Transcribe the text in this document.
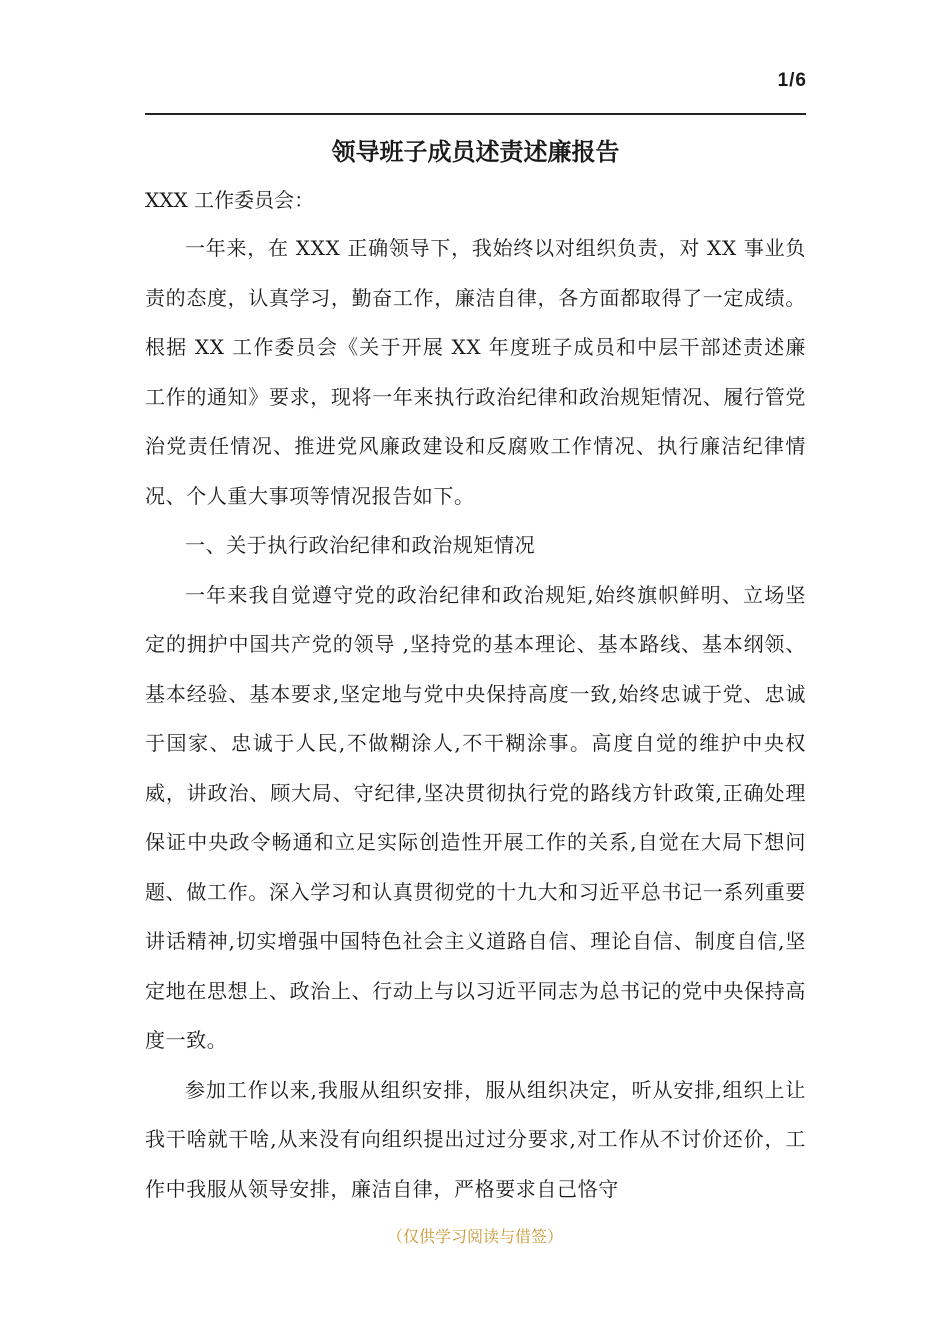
1/6
领导班子成员述责述廉报告

XXX 工作委员会：

一年来，在 XXX 正确领导下，我始终以对组织负责，对 XX 事业负责的态度，认真学习，勤奋工作，廉洁自律，各方面都取得了一定成绩。根据 XX 工作委员会《关于开展 XX 年度班子成员和中层干部述责述廉工作的通知》要求，现将一年来执行政治纪律和政治规矩情况、履行管党治党责任情况、推进党风廉政建设和反腐败工作情况、执行廉洁纪律情况、个人重大事项等情况报告如下。

一、关于执行政治纪律和政治规矩情况

一年来我自觉遵守党的政治纪律和政治规矩,始终旗帜鲜明、立场坚定的拥护中国共产党的领导 ,坚持党的基本理论、基本路线、基本纲领、基本经验、基本要求,坚定地与党中央保持高度一致,始终忠诚于党、忠诚于国家、忠诚于人民,不做糊涂人,不干糊涂事。高度自觉的维护中央权威，讲政治、顾大局、守纪律,坚决贯彻执行党的路线方针政策,正确处理保证中央政令畅通和立足实际创造性开展工作的关系,自觉在大局下想问题、做工作。深入学习和认真贯彻党的十九大和习近平总书记一系列重要讲话精神,切实增强中国特色社会主义道路自信、理论自信、制度自信,坚定地在思想上、政治上、行动上与以习近平同志为总书记的党中央保持高度一致。

参加工作以来,我服从组织安排，服从组织决定，听从安排,组织上让我干啥就干啥,从来没有向组织提出过过分要求,对工作从不讨价还价，工作中我服从领导安排，廉洁自律，严格要求自己恪守

（仅供学习阅读与借签）
